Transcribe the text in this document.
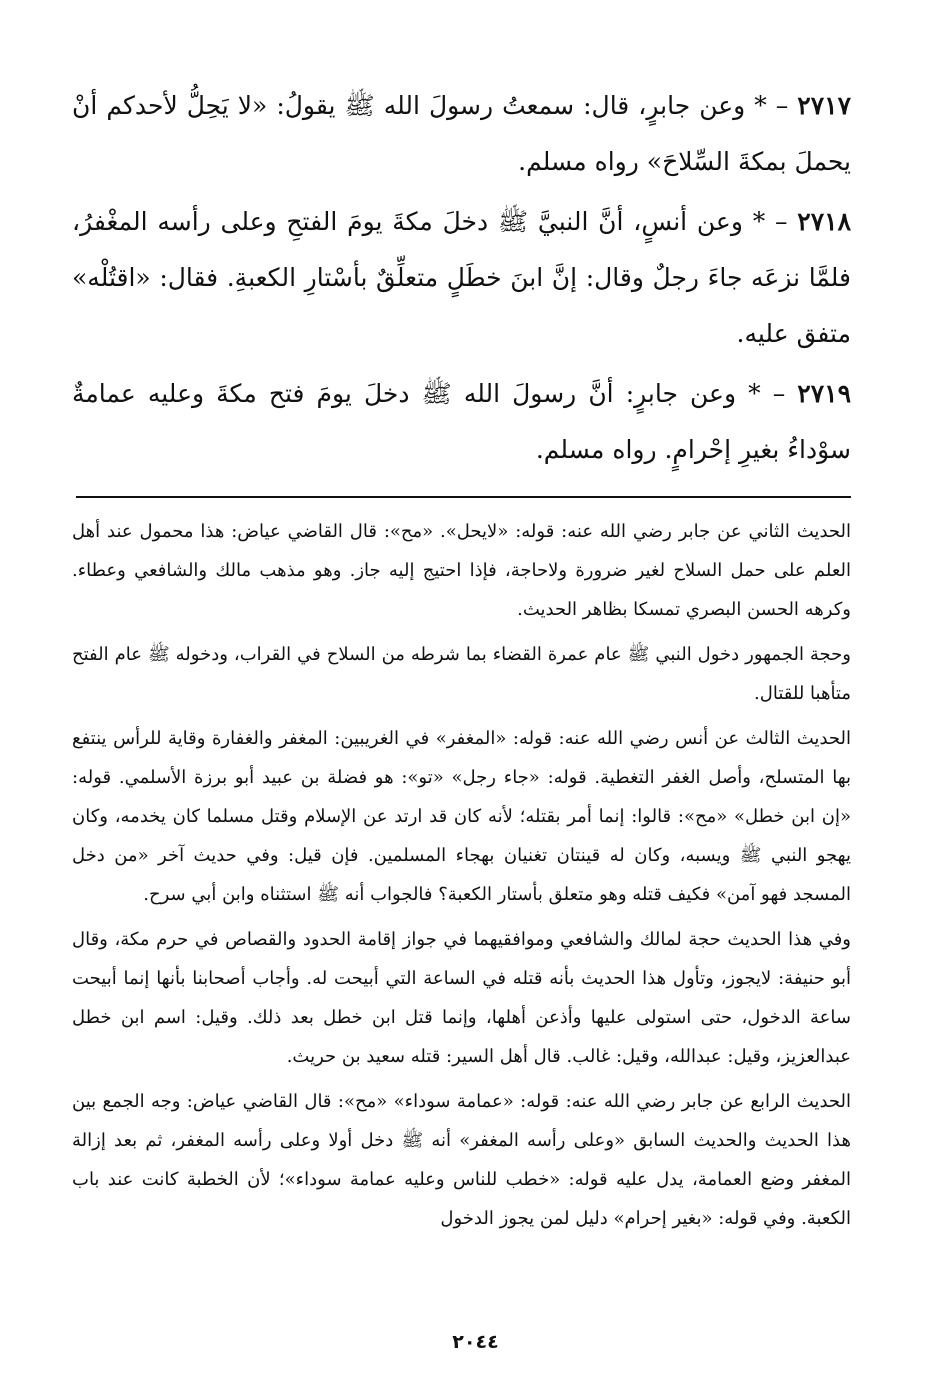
٢٧١٧ – * وعن جابرٍ، قال: سمعتُ رسولَ الله ﷺ يقولُ: «لا يَحِلُّ لأحدكم أنْ يحملَ بمكةَ السِّلاحَ» رواه مسلم.

٢٧١٨ – * وعن أنسٍ، أنَّ النبيَّ ﷺ دخلَ مكةَ يومَ الفتحِ وعلى رأسه المغْفرُ، فلمَّا نزعَه جاءَ رجلٌ وقال: إنَّ ابنَ خطَلٍ متعلِّقٌ بأسْتارِ الكعبةِ. فقال: «اقتُلْه» متفق عليه.

٢٧١٩ – * وعن جابرٍ: أنَّ رسولَ الله ﷺ دخلَ يومَ فتح مكةَ وعليه عمامةٌ سوْداءُ بغيرِ إحْرامٍ. رواه مسلم.

الحديث الثاني عن جابر رضي الله عنه: قوله: «لايحل». «مح»: قال القاضي عياض: هذا محمول عند أهل العلم على حمل السلاح لغير ضرورة ولاحاجة، فإذا احتيج إليه جاز. وهو مذهب مالك والشافعي وعطاء. وكرهه الحسن البصري تمسكا بظاهر الحديث.

وحجة الجمهور دخول النبي ﷺ عام عمرة القضاء بما شرطه من السلاح في القراب، ودخوله ﷺ عام الفتح متأهبا للقتال.

الحديث الثالث عن أنس رضي الله عنه: قوله: «المغفر» في الغريبين: المغفر والغفارة وقاية للرأس ينتفع بها المتسلح، وأصل الغفر التغطية. قوله: «جاء رجل» «تو»: هو فضلة بن عبيد أبو برزة الأسلمي. قوله: «إن ابن خطل» «مح»: قالوا: إنما أمر بقتله؛ لأنه كان قد ارتد عن الإسلام وقتل مسلما كان يخدمه، وكان يهجو النبي ﷺ ويسبه، وكان له قينتان تغنيان بهجاء المسلمين. فإن قيل: وفي حديث آخر «من دخل المسجد فهو آمن» فكيف قتله وهو متعلق بأستار الكعبة؟ فالجواب أنه ﷺ استثناه وابن أبي سرح.

وفي هذا الحديث حجة لمالك والشافعي وموافقيهما في جواز إقامة الحدود والقصاص في حرم مكة، وقال أبو حنيفة: لايجوز، وتأول هذا الحديث بأنه قتله في الساعة التي أبيحت له. وأجاب أصحابنا بأنها إنما أبيحت ساعة الدخول، حتى استولى عليها وأذعن أهلها، وإنما قتل ابن خطل بعد ذلك. وقيل: اسم ابن خطل عبدالعزيز، وقيل: عبدالله، وقيل: غالب. قال أهل السير: قتله سعيد بن حريث.

الحديث الرابع عن جابر رضي الله عنه: قوله: «عمامة سوداء» «مح»: قال القاضي عياض: وجه الجمع بين هذا الحديث والحديث السابق «وعلى رأسه المغفر» أنه ﷺ دخل أولا وعلى رأسه المغفر، ثم بعد إزالة المغفر وضع العمامة، يدل عليه قوله: «خطب للناس وعليه عمامة سوداء»؛ لأن الخطبة كانت عند باب الكعبة. وفي قوله: «بغير إحرام» دليل لمن يجوز الدخول

٢٠٤٤
